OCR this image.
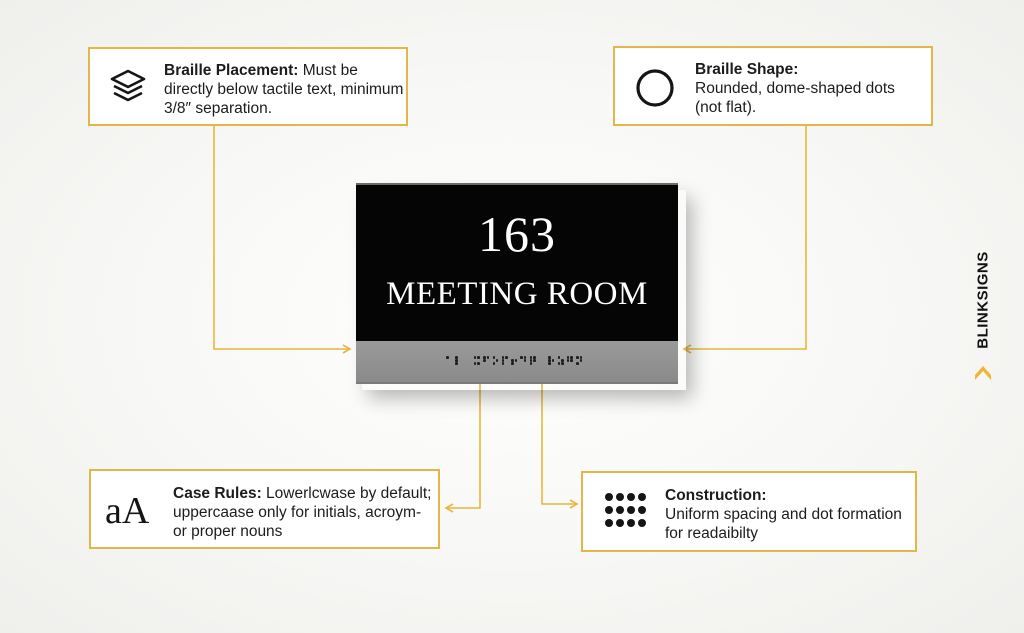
163
MEETING ROOM
Braille Placement: Must be directly below tactile text, minimum 3/8″ separation.
Braille Shape:
Rounded, dome-shaped dots (not flat).
aA	Case Rules: Lowerlcwase by default; uppercaase only for initials, acroym- or proper nouns
Construction:
Uniform spacing and dot formation for readaibilty
BLINKSIGNS
